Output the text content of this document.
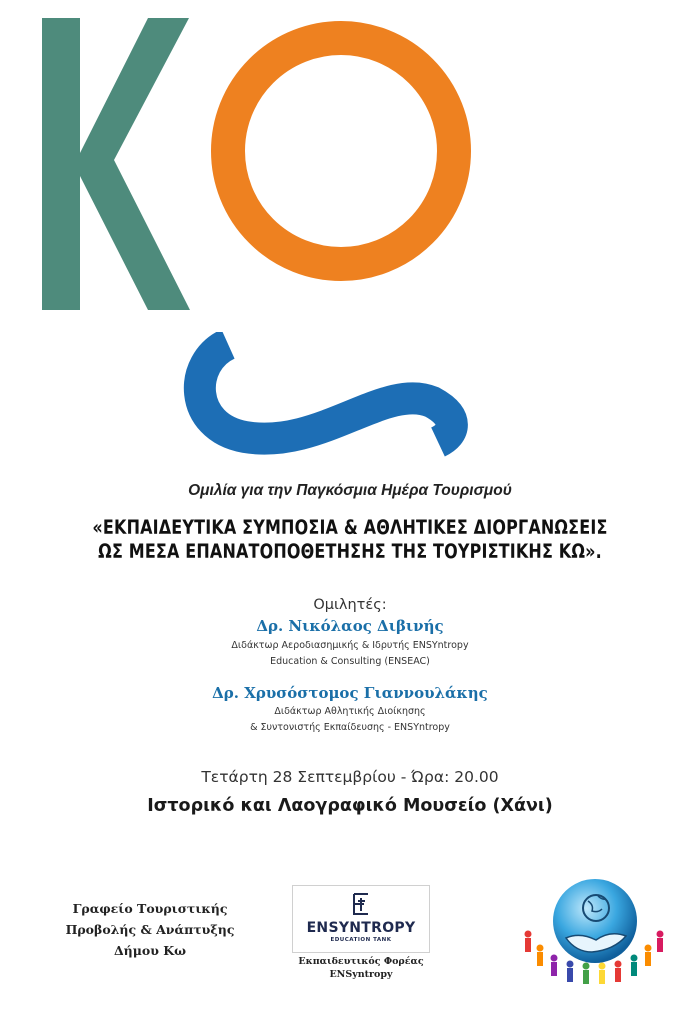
Ομιλία για την Παγκόσμια Ημέρα Τουρισμού
«ΕΚΠΑΙΔΕΥΤΙΚΑ ΣΥΜΠΟΣΙΑ & ΑΘΛΗΤΙΚΕΣ ΔΙΟΡΓΑΝΩΣΕΙΣ
ΩΣ ΜΕΣΑ ΕΠΑΝΑΤΟΠΟΘΕΤΗΣΗΣ ΤΗΣ ΤΟΥΡΙΣΤΙΚΗΣ ΚΩ».
Ομιλητές:
Δρ. Νικόλαος Διβινής
Διδάκτωρ Αεροδιασημικής & Ιδρυτής ENSYntropy
Education & Consulting (ENSEAC)
Δρ. Χρυσόστομος Γιαννουλάκης
Διδάκτωρ Αθλητικής Διοίκησης
& Συντονιστής Εκπαίδευσης - ENSYntropy
Τετάρτη 28 Σεπτεμβρίου - Ώρα: 20.00
Ιστορικό και Λαογραφικό Μουσείο (Χάνι)
Γραφείο Τουριστικής
Προβολής & Ανάπτυξης
Δήμου Κω
ENSYNTROPY
EDUCATION TANK
Εκπαιδευτικός Φορέας
ENSyntropy
